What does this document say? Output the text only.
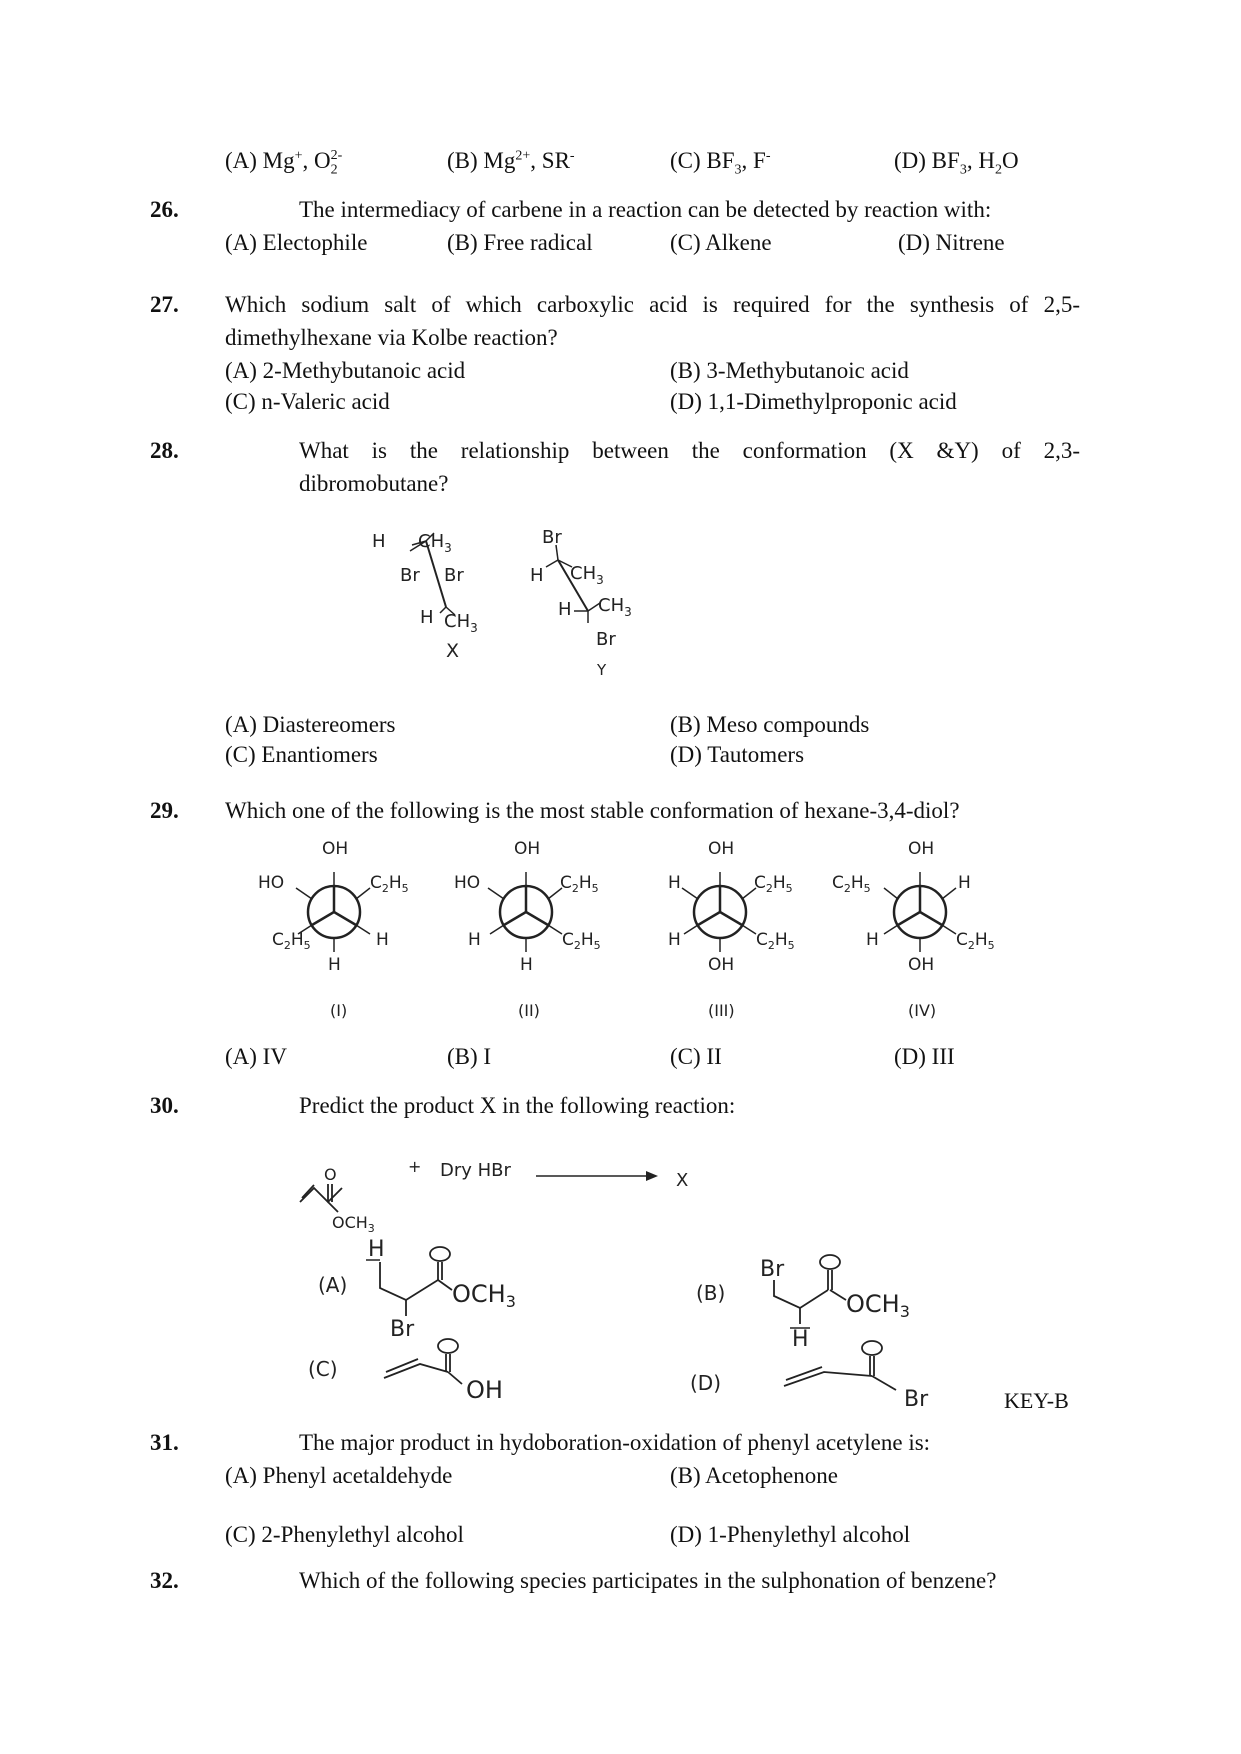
(A) Mg+, $O_2^{2-}$	(B) $Mg^{2+}$, SR-	(C) $BF_3$, F-	(D) $BF_3$, $H_2O$
26.	The intermediacy of carbene in a reaction can be detected by reaction with:
(A) Electophile	(B) Free radical	(C) Alkene	(D) Nitrene
27. Which sodium salt of which carboxylic acid is required for the synthesis of 2,5-
dimethylhexane via Kolbe reaction?
(A) 2-Methybutanoic acid	(B) 3-Methybutanoic acid
(C) n-Valeric acid	(D) 1,1-Dimethylproponic acid
28.	What is the relationship between the conformation (X &Y) of 2,3-
dibromobutane?
H $CH_3$
Br Br
H $CH_3$
X
Br
H $CH_3$
H $CH_3$
Br
Y
(A) Diastereomers	(B) Meso compounds
(C) Enantiomers	(D) Tautomers
29. Which one of the following is the most stable conformation of hexane-3,4-diol?
OH
HO	$C_2H_5$
$C_2H_5$	H
H
(I)
OH
HO	$C_2H_5$
H	$C_2H_5$
H
(II)
OH
H	$C_2H_5$
H	$C_2H_5$
OH
(III)
OH
$C_2H_5$	H
H	$C_2H_5$
OH
(IV)
(A) IV	(B) I	(C) II	(D) III
30.	Predict the product X in the following reaction:
O
$OCH_3$
+ Dry HBr	X
(A)
H
Br
$OCH_3$	(B)
Br
H
$OCH_3$
(C)
OH	(D)
Br	KEY-B
31.	The major product in hydoboration-oxidation of phenyl acetylene is:
(A) Phenyl acetaldehyde	(B) Acetophenone
(C) 2-Phenylethyl alcohol	(D) 1-Phenylethyl alcohol
32.	Which of the following species participates in the sulphonation of benzene?
